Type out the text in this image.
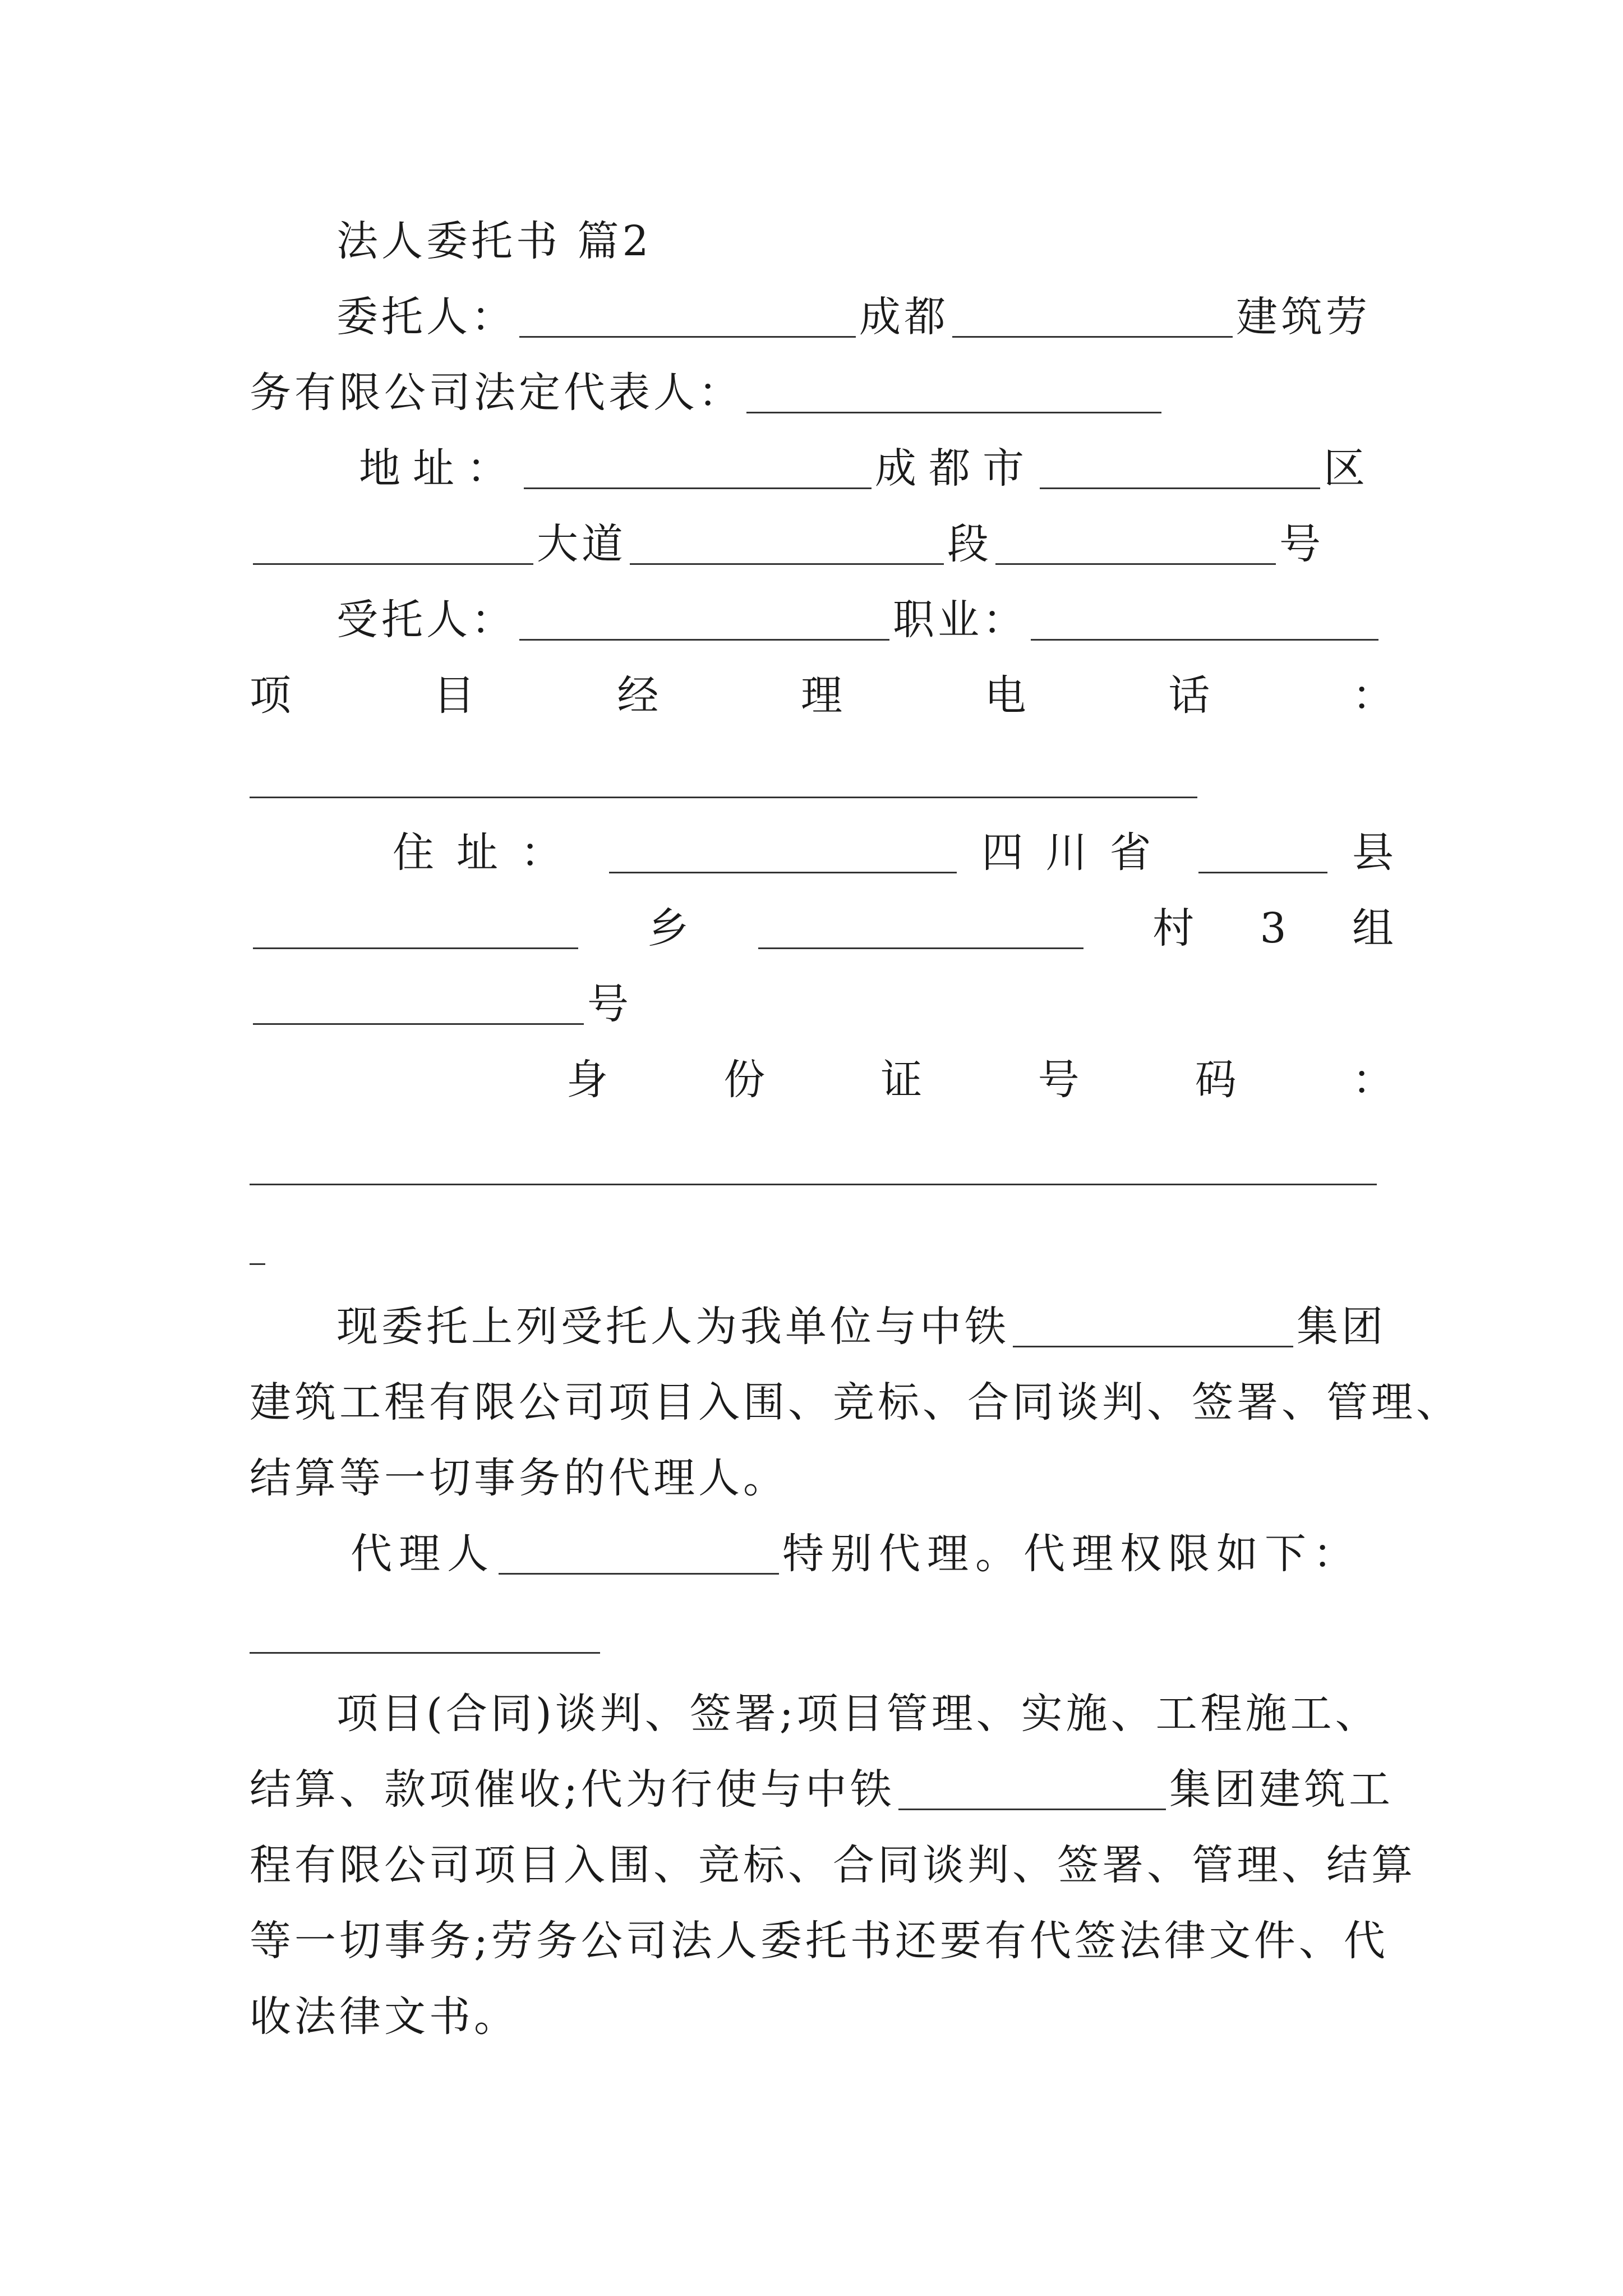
法人委托书 篇2
委托人：	成都	建筑劳
务有限公司法定代表人：
地址：	成都市	区
大道	段	号
受托人：	职业：
项	目	经	理	电	话	：
住址：	四川省	县
乡	村 3 组
号
身	份	证	号	码	：
现委托上列受托人为我单位与中铁	集团
建筑工程有限公司项目入围、竞标、合同谈判、签署、管理、
结算等一切事务的代理人。
代理人	特别代理。代理权限如下：
项目(合同)谈判、签署;项目管理、实施、工程施工、
结算、款项催收;代为行使与中铁	集团建筑工
程有限公司项目入围、竞标、合同谈判、签署、管理、结算
等一切事务;劳务公司法人委托书还要有代签法律文件、代
收法律文书。
